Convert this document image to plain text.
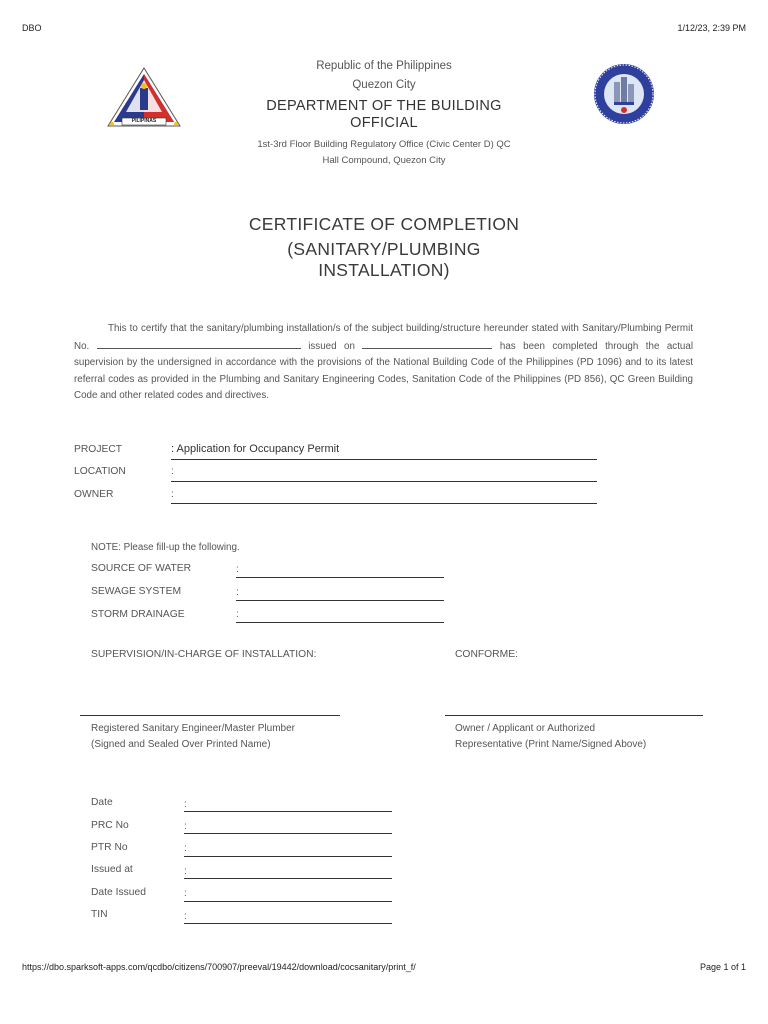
DBO	1/12/23, 2:39 PM
PILIPINAS
Republic of the Philippines
Quezon City
DEPARTMENT OF THE BUILDING
OFFICIAL
1st-3rd Floor Building Regulatory Office (Civic Center D) QC
Hall Compound, Quezon City
CERTIFICATE OF COMPLETION
(SANITARY/PLUMBING
INSTALLATION)
This to certify that the sanitary/plumbing installation/s of the subject building/structure hereunder stated with Sanitary/Plumbing Permit No.	issued on	has been completed through the actual supervision by the undersigned in accordance with the provisions of the National Building Code of the Philippines (PD 1096) and to its latest referral codes as provided in the Plumbing and Sanitary Engineering Codes, Sanitation Code of the Philippines (PD 856), QC Green Building Code and other related codes and directives.
PROJECT	: Application for Occupancy Permit
LOCATION	:
OWNER	:
NOTE: Please fill-up the following.
SOURCE OF WATER	:
SEWAGE SYSTEM	:
STORM DRAINAGE	:
SUPERVISION/IN-CHARGE OF INSTALLATION:	CONFORME:
Registered Sanitary Engineer/Master Plumber
(Signed and Sealed Over Printed Name)
Owner / Applicant or Authorized
Representative (Print Name/Signed Above)
Date	:
PRC No	:
PTR No	:
Issued at	:
Date Issued	:
TIN	:
https://dbo.sparksoft-apps.com/qcdbo/citizens/700907/preeval/19442/download/cocsanitary/print_f/	Page 1 of 1
